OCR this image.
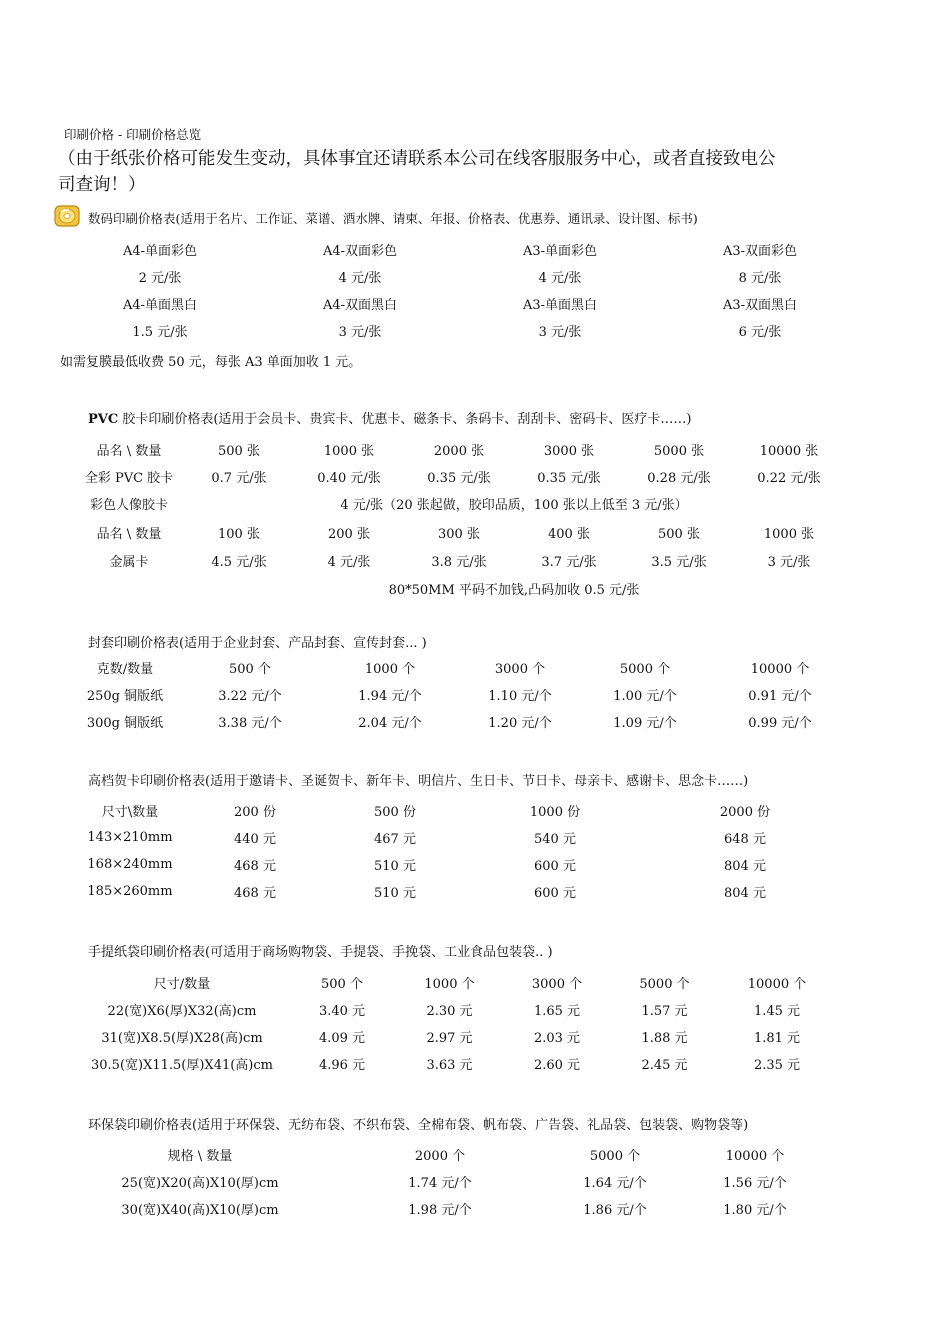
印刷价格 - 印刷价格总览
（由于纸张价格可能发生变动，具体事宜还请联系本公司在线客服服务中心，或者直接致电公
司查询！）
数码印刷价格表(适用于名片、工作证、菜谱、酒水牌、请柬、年报、价格表、优惠券、通讯录、设计图、标书)
A4-单面彩色	A4-双面彩色	A3-单面彩色	A3-双面彩色
2 元/张	4 元/张	4 元/张	8 元/张
A4-单面黑白	A4-双面黑白	A3-单面黑白	A3-双面黑白
1.5 元/张	3 元/张	3 元/张	6 元/张
如需复膜最低收费 50 元，每张 A3 单面加收 1 元。
PVC 胶卡印刷价格表(适用于会员卡、贵宾卡、优惠卡、磁条卡、条码卡、刮刮卡、密码卡、医疗卡……)
品名 \ 数量	500 张	1000 张	2000 张	3000 张	5000 张	10000 张
全彩 PVC 胶卡	0.7 元/张	0.40 元/张	0.35 元/张	0.35 元/张	0.28 元/张	0.22 元/张
彩色人像胶卡	4 元/张（20 张起做，胶印品质，100 张以上低至 3 元/张）					
品名 \ 数量	100 张	200 张	300 张	400 张	500 张	1000 张
金属卡	4.5 元/张	4 元/张	3.8 元/张	3.7 元/张	3.5 元/张	3 元/张
	80*50MM 平码不加钱,凸码加收 0.5 元/张					
封套印刷价格表(适用于企业封套、产品封套、宣传封套... )
克数/数量	500 个	1000 个	3000 个	5000 个	10000 个
250g 铜版纸	3.22 元/个	1.94 元/个	1.10 元/个	1.00 元/个	0.91 元/个
300g 铜版纸	3.38 元/个	2.04 元/个	1.20 元/个	1.09 元/个	0.99 元/个
高档贺卡印刷价格表(适用于邀请卡、圣诞贺卡、新年卡、明信片、生日卡、节日卡、母亲卡、感谢卡、思念卡……)
尺寸\数量	200 份	500 份	1000 份	2000 份
143×210mm	440 元	467 元	540 元	648 元
168×240mm	468 元	510 元	600 元	804 元
185×260mm	468 元	510 元	600 元	804 元
手提纸袋印刷价格表(可适用于商场购物袋、手提袋、手挽袋、工业食品包装袋.. )
尺寸/数量	500 个	1000 个	3000 个	5000 个	10000 个
22(宽)X6(厚)X32(高)cm	3.40 元	2.30 元	1.65 元	1.57 元	1.45 元
31(宽)X8.5(厚)X28(高)cm	4.09 元	2.97 元	2.03 元	1.88 元	1.81 元
30.5(宽)X11.5(厚)X41(高)cm	4.96 元	3.63 元	2.60 元	2.45 元	2.35 元
环保袋印刷价格表(适用于环保袋、无纺布袋、不织布袋、全棉布袋、帆布袋、广告袋、礼品袋、包装袋、购物袋等)
规格 \ 数量	2000 个	5000 个	10000 个
25(宽)X20(高)X10(厚)cm	1.74 元/个	1.64 元/个	1.56 元/个
30(宽)X40(高)X10(厚)cm	1.98 元/个	1.86 元/个	1.80 元/个
